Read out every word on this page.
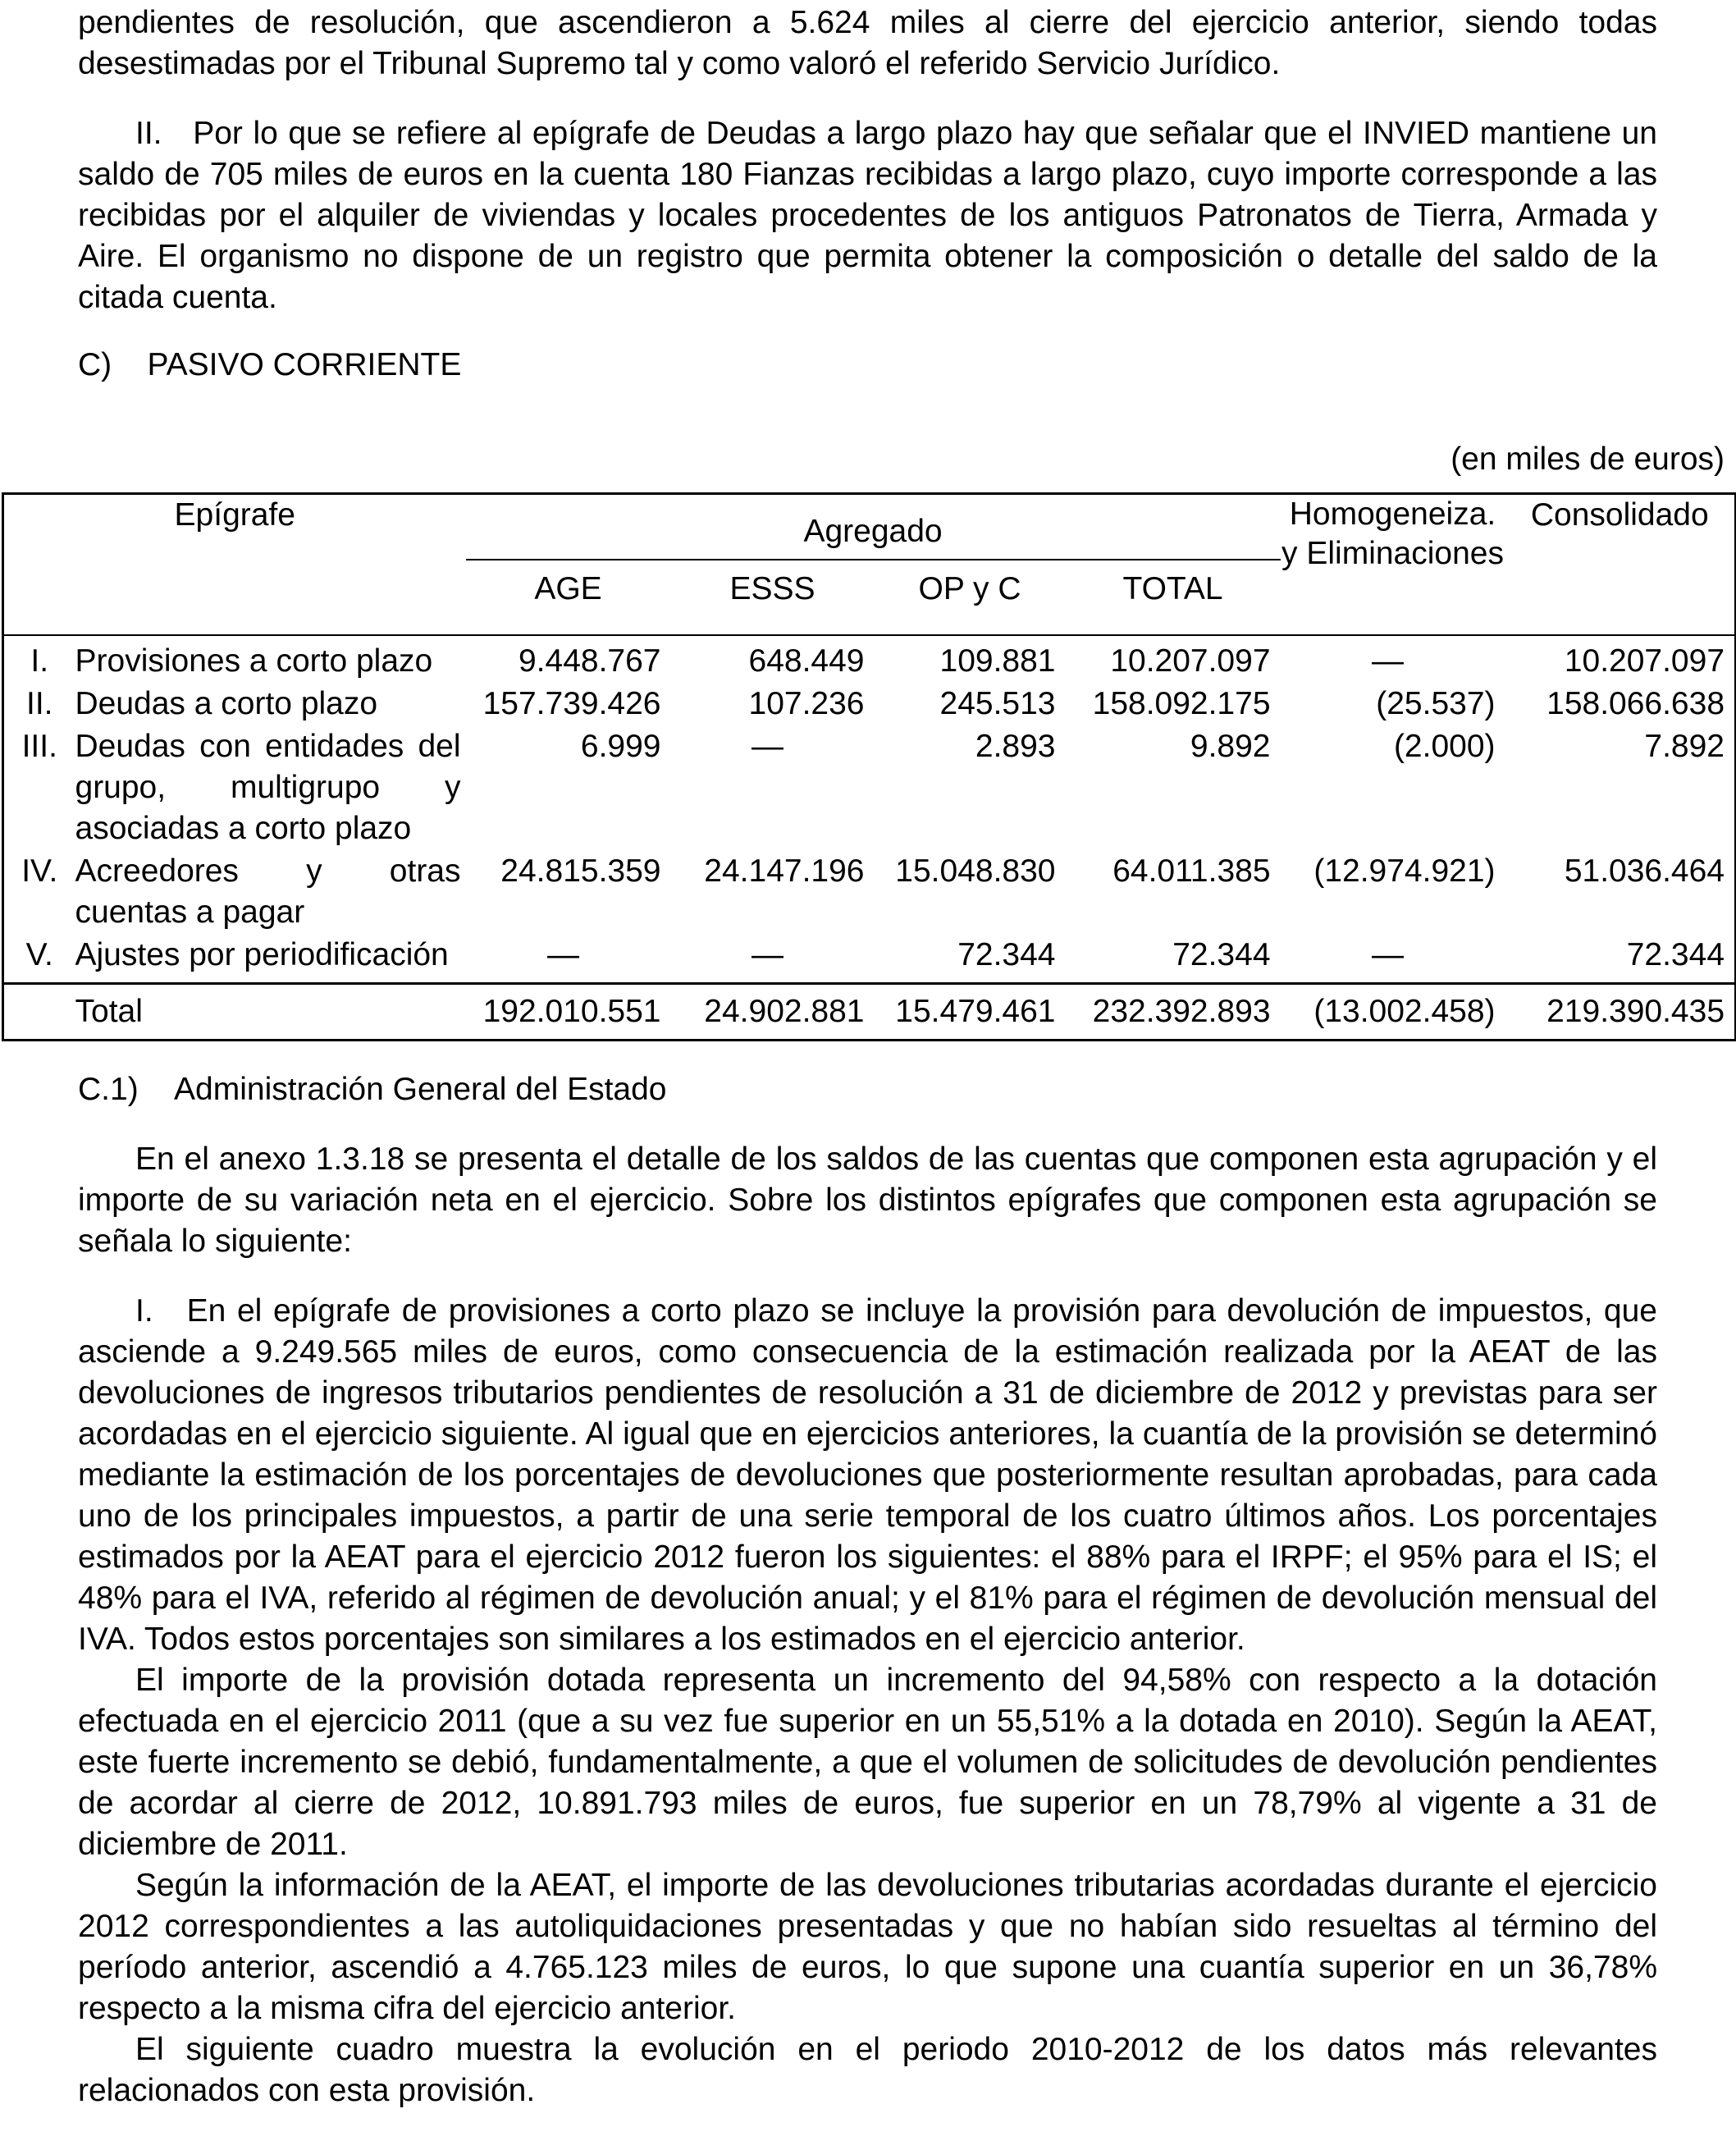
pendientes de resolución, que ascendieron a 5.624 miles al cierre del ejercicio anterior, siendo todas desestimadas por el Tribunal Supremo tal y como valoró el referido Servicio Jurídico.

II.   Por lo que se refiere al epígrafe de Deudas a largo plazo hay que señalar que el INVIED mantiene un saldo de 705 miles de euros en la cuenta 180 Fianzas recibidas a largo plazo, cuyo importe corresponde a las recibidas por el alquiler de viviendas y locales procedentes de los antiguos Patronatos de Tierra, Armada y Aire. El organismo no dispone de un registro que permita obtener la composición o detalle del saldo de la citada cuenta.

C)    PASIVO CORRIENTE
(en miles de euros)
Epígrafe		Agregado				Homogeneiza. y Eliminaciones	Consolidado
		AGE	ESSS	OP y C	TOTAL		
I.	Provisiones a corto plazo	9.448.767	648.449	109.881	10.207.097	—	10.207.097
II.	Deudas a corto plazo	157.739.426	107.236	245.513	158.092.175	(25.537)	158.066.638
III.	Deudas con entidades del grupo, multigrupo y asociadas a corto plazo	6.999	—	2.893	9.892	(2.000)	7.892
IV.	Acreedores y otras cuentas a pagar	24.815.359	24.147.196	15.048.830	64.011.385	(12.974.921)	51.036.464
V.	Ajustes por periodificación	—	—	72.344	72.344	—	72.344
	Total	192.010.551	24.902.881	15.479.461	232.392.893	(13.002.458)	219.390.435
C.1)    Administración General del Estado

En el anexo 1.3.18 se presenta el detalle de los saldos de las cuentas que componen esta agrupación y el importe de su variación neta en el ejercicio. Sobre los distintos epígrafes que componen esta agrupación se señala lo siguiente:

I.   En el epígrafe de provisiones a corto plazo se incluye la provisión para devolución de impuestos, que asciende a 9.249.565 miles de euros, como consecuencia de la estimación realizada por la AEAT de las devoluciones de ingresos tributarios pendientes de resolución a 31 de diciembre de 2012 y previstas para ser acordadas en el ejercicio siguiente. Al igual que en ejercicios anteriores, la cuantía de la provisión se determinó mediante la estimación de los porcentajes de devoluciones que posteriormente resultan aprobadas, para cada uno de los principales impuestos, a partir de una serie temporal de los cuatro últimos años. Los porcentajes estimados por la AEAT para el ejercicio 2012 fueron los siguientes: el 88% para el IRPF; el 95% para el IS; el 48% para el IVA, referido al régimen de devolución anual; y el 81% para el régimen de devolución mensual del IVA. Todos estos porcentajes son similares a los estimados en el ejercicio anterior.

El importe de la provisión dotada representa un incremento del 94,58% con respecto a la dotación efectuada en el ejercicio 2011 (que a su vez fue superior en un 55,51% a la dotada en 2010). Según la AEAT, este fuerte incremento se debió, fundamentalmente, a que el volumen de solicitudes de devolución pendientes de acordar al cierre de 2012, 10.891.793 miles de euros, fue superior en un 78,79% al vigente a 31 de diciembre de 2011.

Según la información de la AEAT, el importe de las devoluciones tributarias acordadas durante el ejercicio 2012 correspondientes a las autoliquidaciones presentadas y que no habían sido resueltas al término del período anterior, ascendió a 4.765.123 miles de euros, lo que supone una cuantía superior en un 36,78% respecto a la misma cifra del ejercicio anterior.

El siguiente cuadro muestra la evolución en el periodo 2010-2012 de los datos más relevantes relacionados con esta provisión.
